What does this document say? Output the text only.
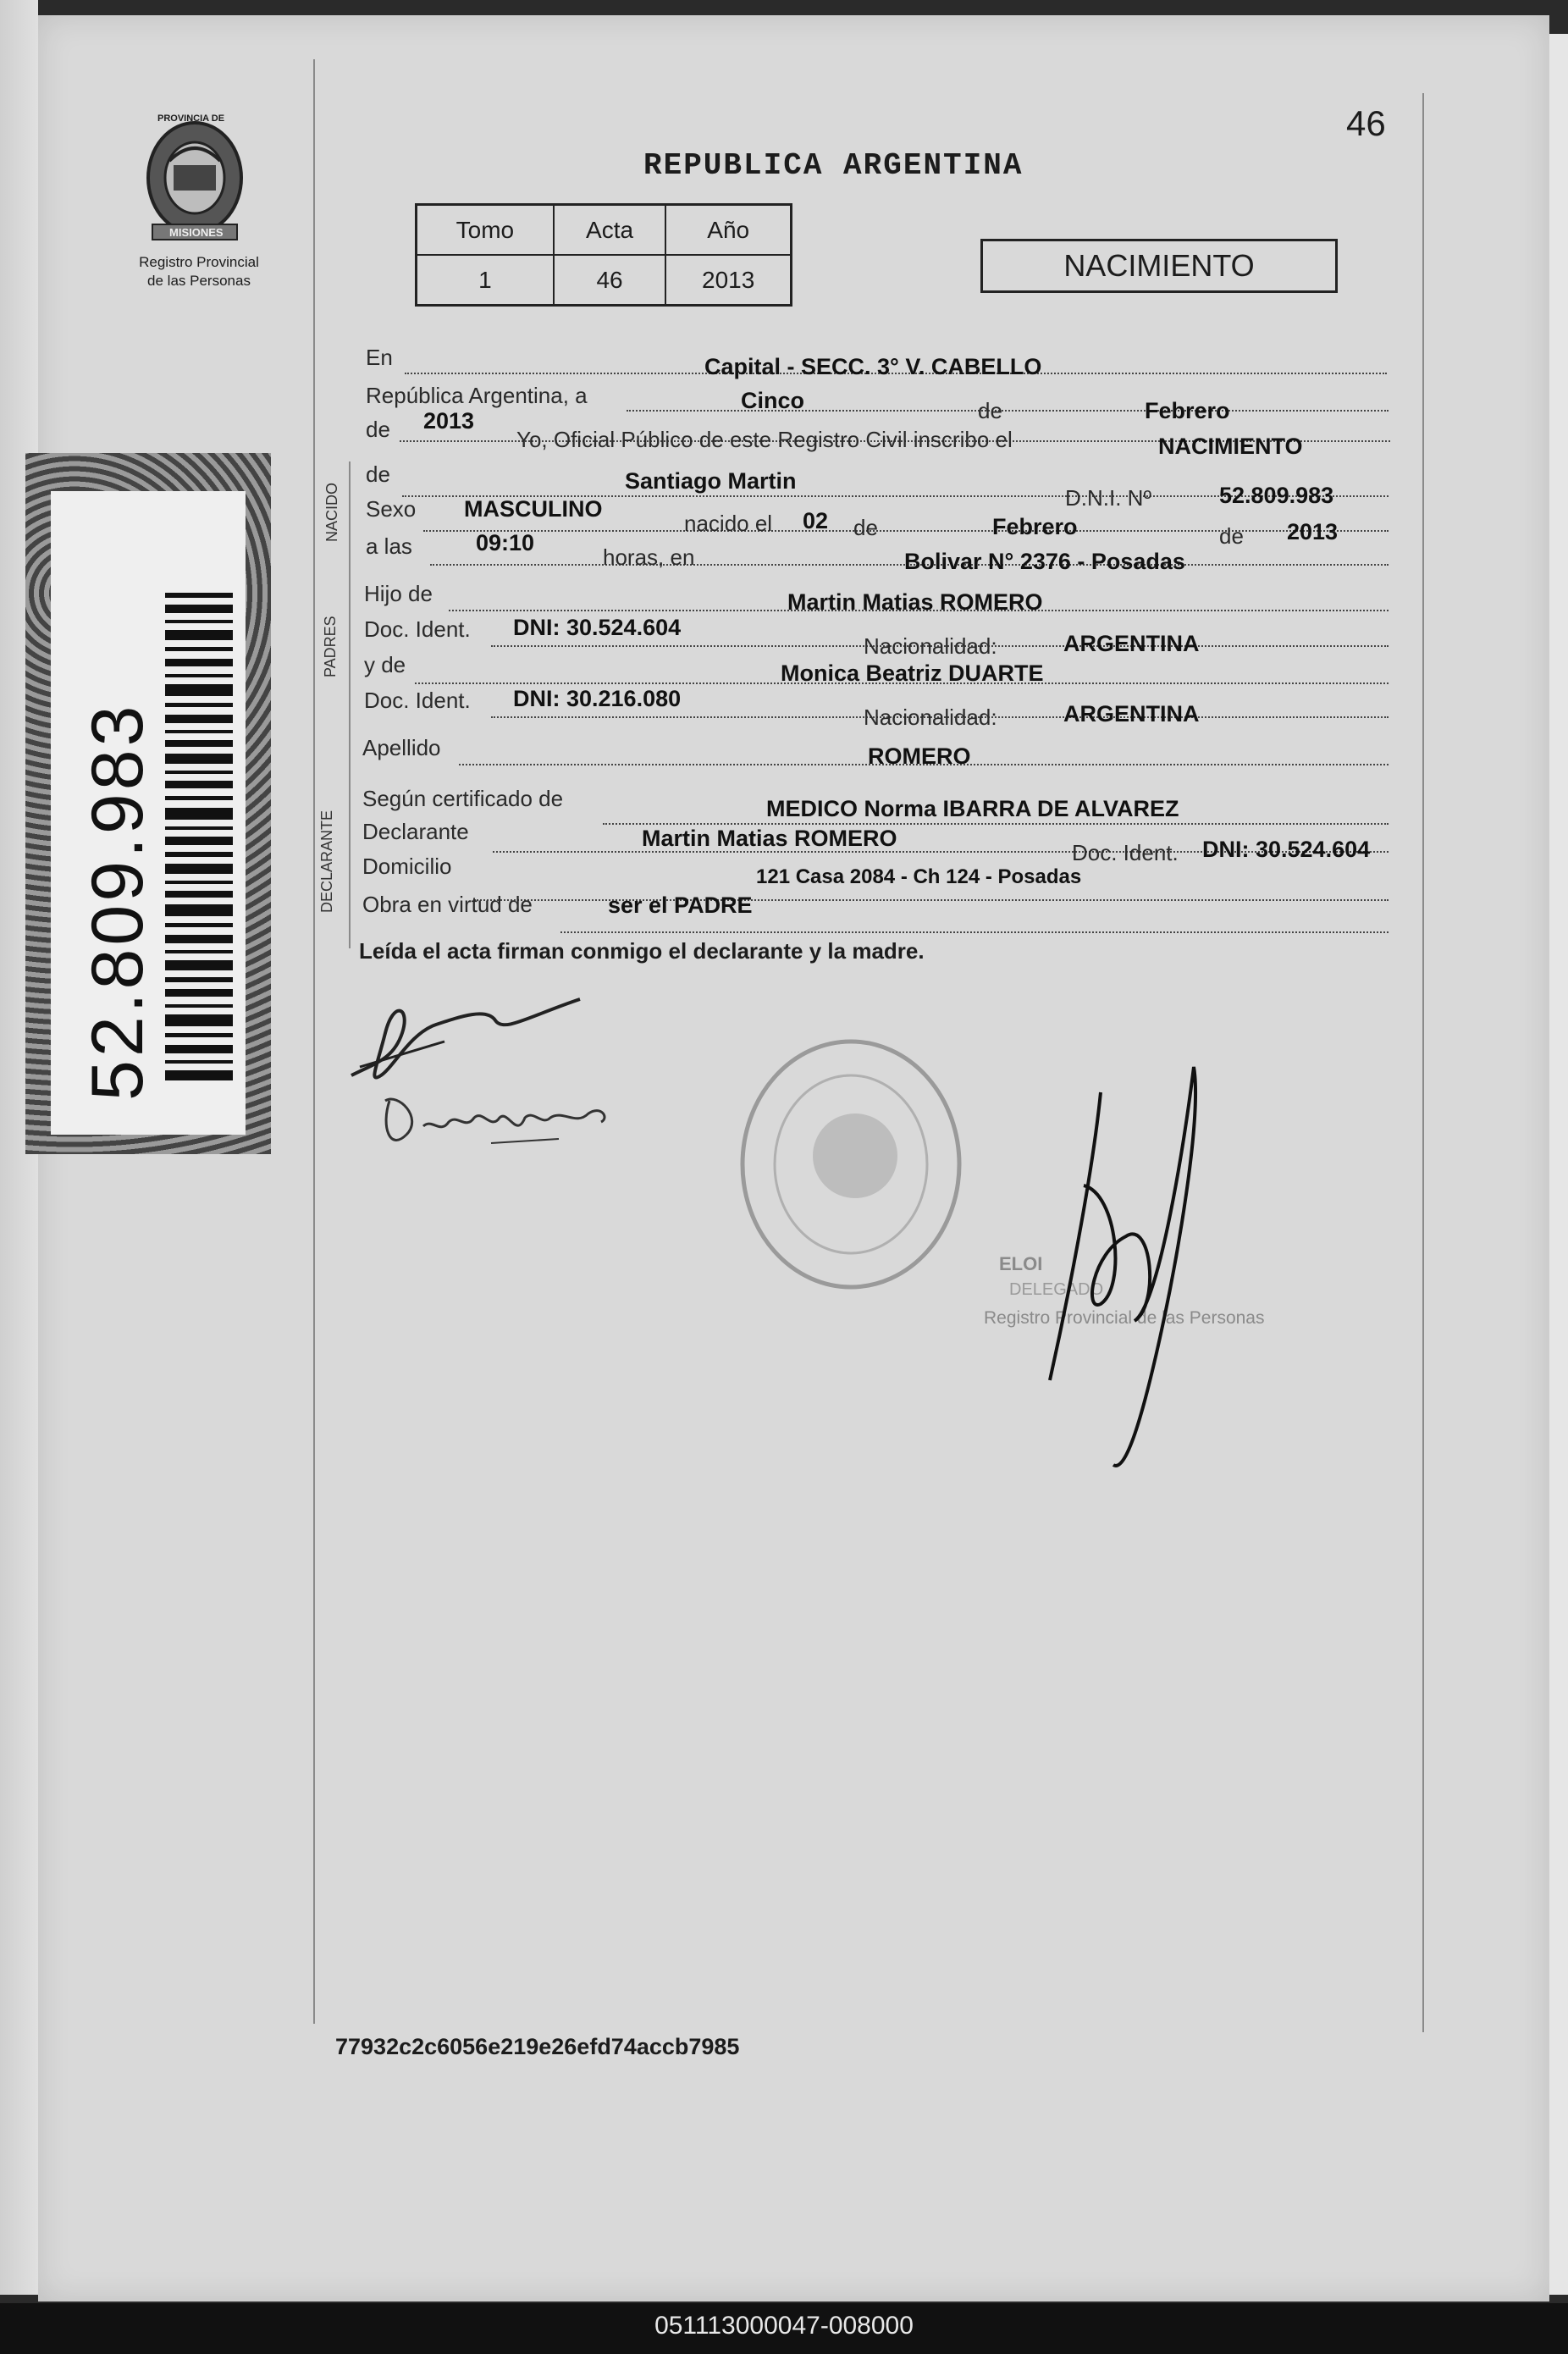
46
PROVINCIA DE
MISIONES
Registro Provincial
de las Personas
REPUBLICA ARGENTINA
Tomo	Acta	Año
1	46	2013	NACIMIENTO
52.809.983
NACIDO
PADRES
DECLARANTE
En	Capital - SECC. 3° V. CABELLO
República Argentina, a	Cinco	de	Febrero
de 2013
Yo, Oficial Público de este Registro Civil inscribo el	NACIMIENTO
de	Santiago Martin
D.N.I. Nº	52.809.983
Sexo MASCULINO
nacido el 02 de	Febrero	de 2013
a las	09:10
horas, en	Bolivar N° 2376 - Posadas
Hijo de	Martin Matias ROMERO
Doc. Ident. DNI: 30.524.604
Nacionalidad:	ARGENTINA
y de	Monica Beatriz DUARTE
Doc. Ident. DNI: 30.216.080
Nacionalidad:	ARGENTINA
Apellido	ROMERO
Según certificado de	MEDICO Norma IBARRA DE ALVAREZ
Declarante	Martin Matias ROMERO
Doc. Ident. DNI: 30.524.604
Domicilio	121 Casa 2084 - Ch 124 - Posadas
Obra en virtud de	ser el PADRE
Leída el acta firman conmigo el declarante y la madre.
ELOI
DELEGADO
Registro Provincial de las Personas
77932c2c6056e219e26efd74accb7985
051113000047-008000
